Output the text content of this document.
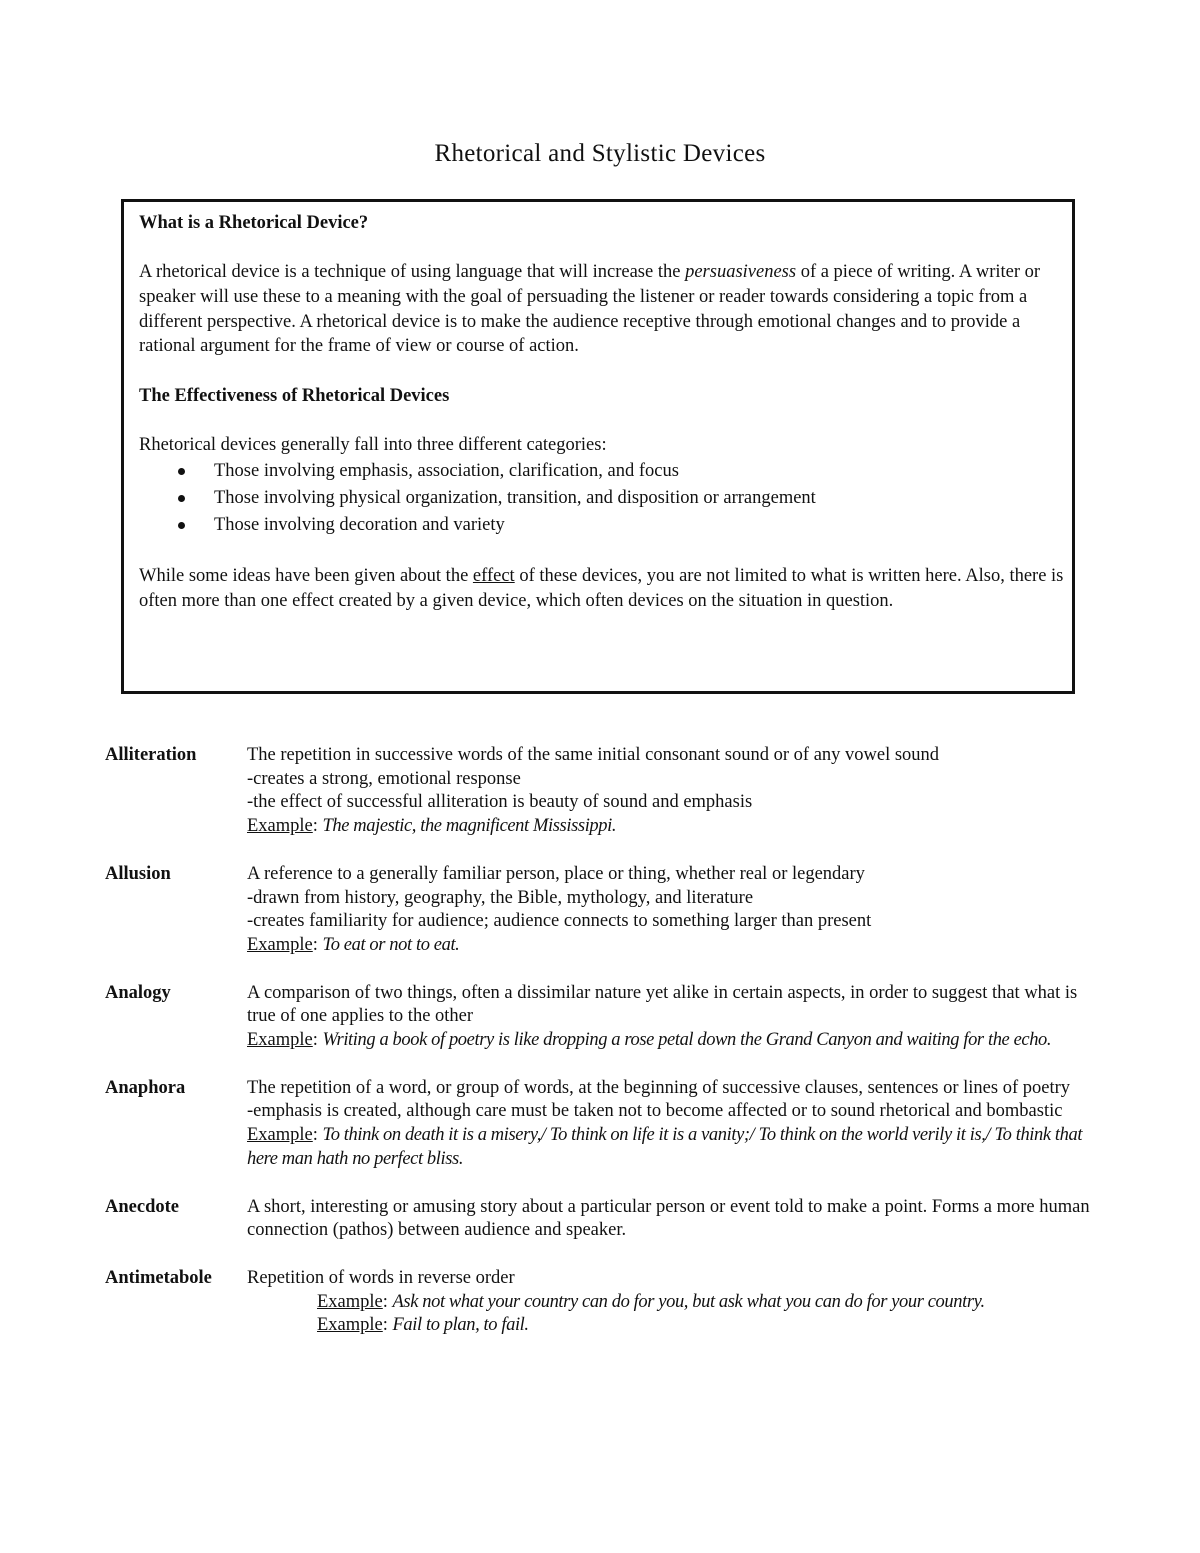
Rhetorical and Stylistic Devices

What is a Rhetorical Device?

A rhetorical device is a technique of using language that will increase the persuasiveness of a piece of writing. A writer or speaker will use these to a meaning with the goal of persuading the listener or reader towards considering a topic from a different perspective. A rhetorical device is to make the audience receptive through emotional changes and to provide a rational argument for the frame of view or course of action.

The Effectiveness of Rhetorical Devices

Rhetorical devices generally fall into three different categories:

Those involving emphasis, association, clarification, and focus
Those involving physical organization, transition, and disposition or arrangement
Those involving decoration and variety

While some ideas have been given about the effect of these devices, you are not limited to what is written here. Also, there is often more than one effect created by a given device, which often devices on the situation in question.

Alliteration	The repetition in successive words of the same initial consonant sound or of any vowel sound

-creates a strong, emotional response

-the effect of successful alliteration is beauty of sound and emphasis

Example: The majestic, the magnificent Mississippi.

Allusion	A reference to a generally familiar person, place or thing, whether real or legendary

-drawn from history, geography, the Bible, mythology, and literature

-creates familiarity for audience; audience connects to something larger than present

Example: To eat or not to eat.

Analogy	A comparison of two things, often a dissimilar nature yet alike in certain aspects, in order to suggest that what is true of one applies to the other

Example: Writing a book of poetry is like dropping a rose petal down the Grand Canyon and waiting for the echo.

Anaphora	The repetition of a word, or group of words, at the beginning of successive clauses, sentences or lines of poetry

-emphasis is created, although care must be taken not to become affected or to sound rhetorical and bombastic

Example: To think on death it is a misery,/ To think on life it is a vanity;/ To think on the world verily it is,/ To think that here man hath no perfect bliss.

Anecdote	A short, interesting or amusing story about a particular person or event told to make a point. Forms a more human connection (pathos) between audience and speaker.

Antimetabole	Repetition of words in reverse order

Example: Ask not what your country can do for you, but ask what you can do for your country.

Example: Fail to plan, to fail.
